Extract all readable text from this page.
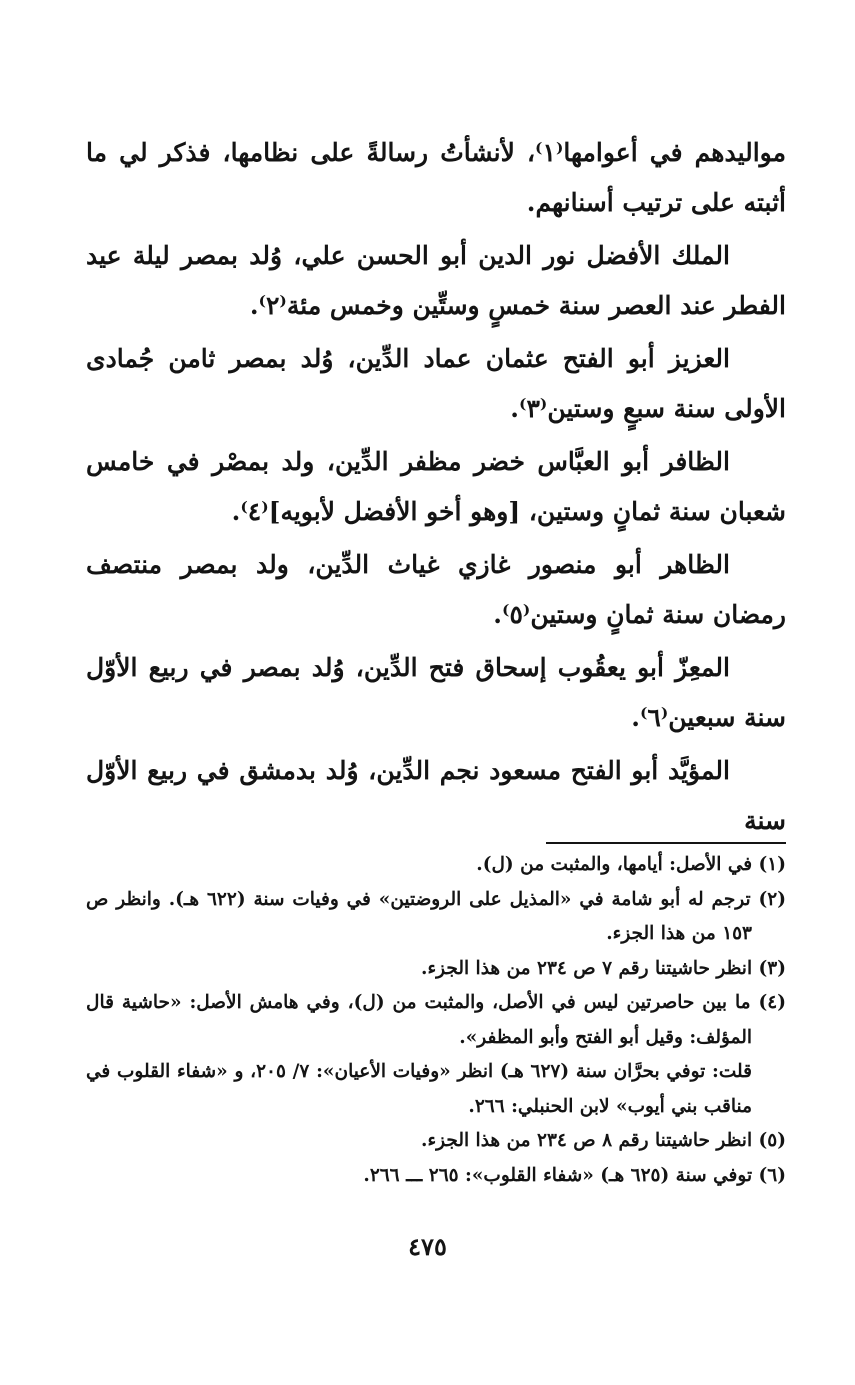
مواليدهم في أعوامها⁽١⁾، لأنشأتُ رسالةً على نظامها، فذكر لي ما أثبته على ترتيب أسنانهم.

الملك الأفضل نور الدين أبو الحسن علي، وُلد بمصر ليلة عيد الفطر عند العصر سنة خمسٍ وستِّين وخمس مئة⁽٢⁾.

العزيز أبو الفتح عثمان عماد الدِّين، وُلد بمصر ثامن جُمادى الأولى سنة سبعٍ وستين⁽٣⁾.

الظافر أبو العبَّاس خضر مظفر الدِّين، ولد بمصْر في خامس شعبان سنة ثمانٍ وستين، [وهو أخو الأفضل لأبويه]⁽٤⁾.

الظاهر أبو منصور غازي غياث الدِّين، ولد بمصر منتصف رمضان سنة ثمانٍ وستين⁽٥⁾.

المعِزّ أبو يعقُوب إسحاق فتح الدِّين، وُلد بمصر في ربيع الأوّل سنة سبعين⁽٦⁾.

المؤيَّد أبو الفتح مسعود نجم الدِّين، وُلد بدمشق في ربيع الأوّل سنة

(١) في الأصل: أيامها، والمثبت من (ل).

(٢) ترجم له أبو شامة في «المذيل على الروضتين» في وفيات سنة (٦٢٢ هـ). وانظر ص ١٥٣ من هذا الجزء.

(٣) انظر حاشيتنا رقم ٧ ص ٢٣٤ من هذا الجزء.

(٤) ما بين حاصرتين ليس في الأصل، والمثبت من (ل)، وفي هامش الأصل: «حاشية قال المؤلف: وقيل أبو الفتح وأبو المظفر».

قلت: توفي بحرَّان سنة (٦٢٧ هـ) انظر «وفيات الأعيان»: ٧/ ٢٠٥، و «شفاء القلوب في مناقب بني أيوب» لابن الحنبلي: ٢٦٦.

(٥) انظر حاشيتنا رقم ٨ ص ٢٣٤ من هذا الجزء.

(٦) توفي سنة (٦٢٥ هـ) «شفاء القلوب»: ٢٦٥ ـــ ٢٦٦.

٤٧٥
